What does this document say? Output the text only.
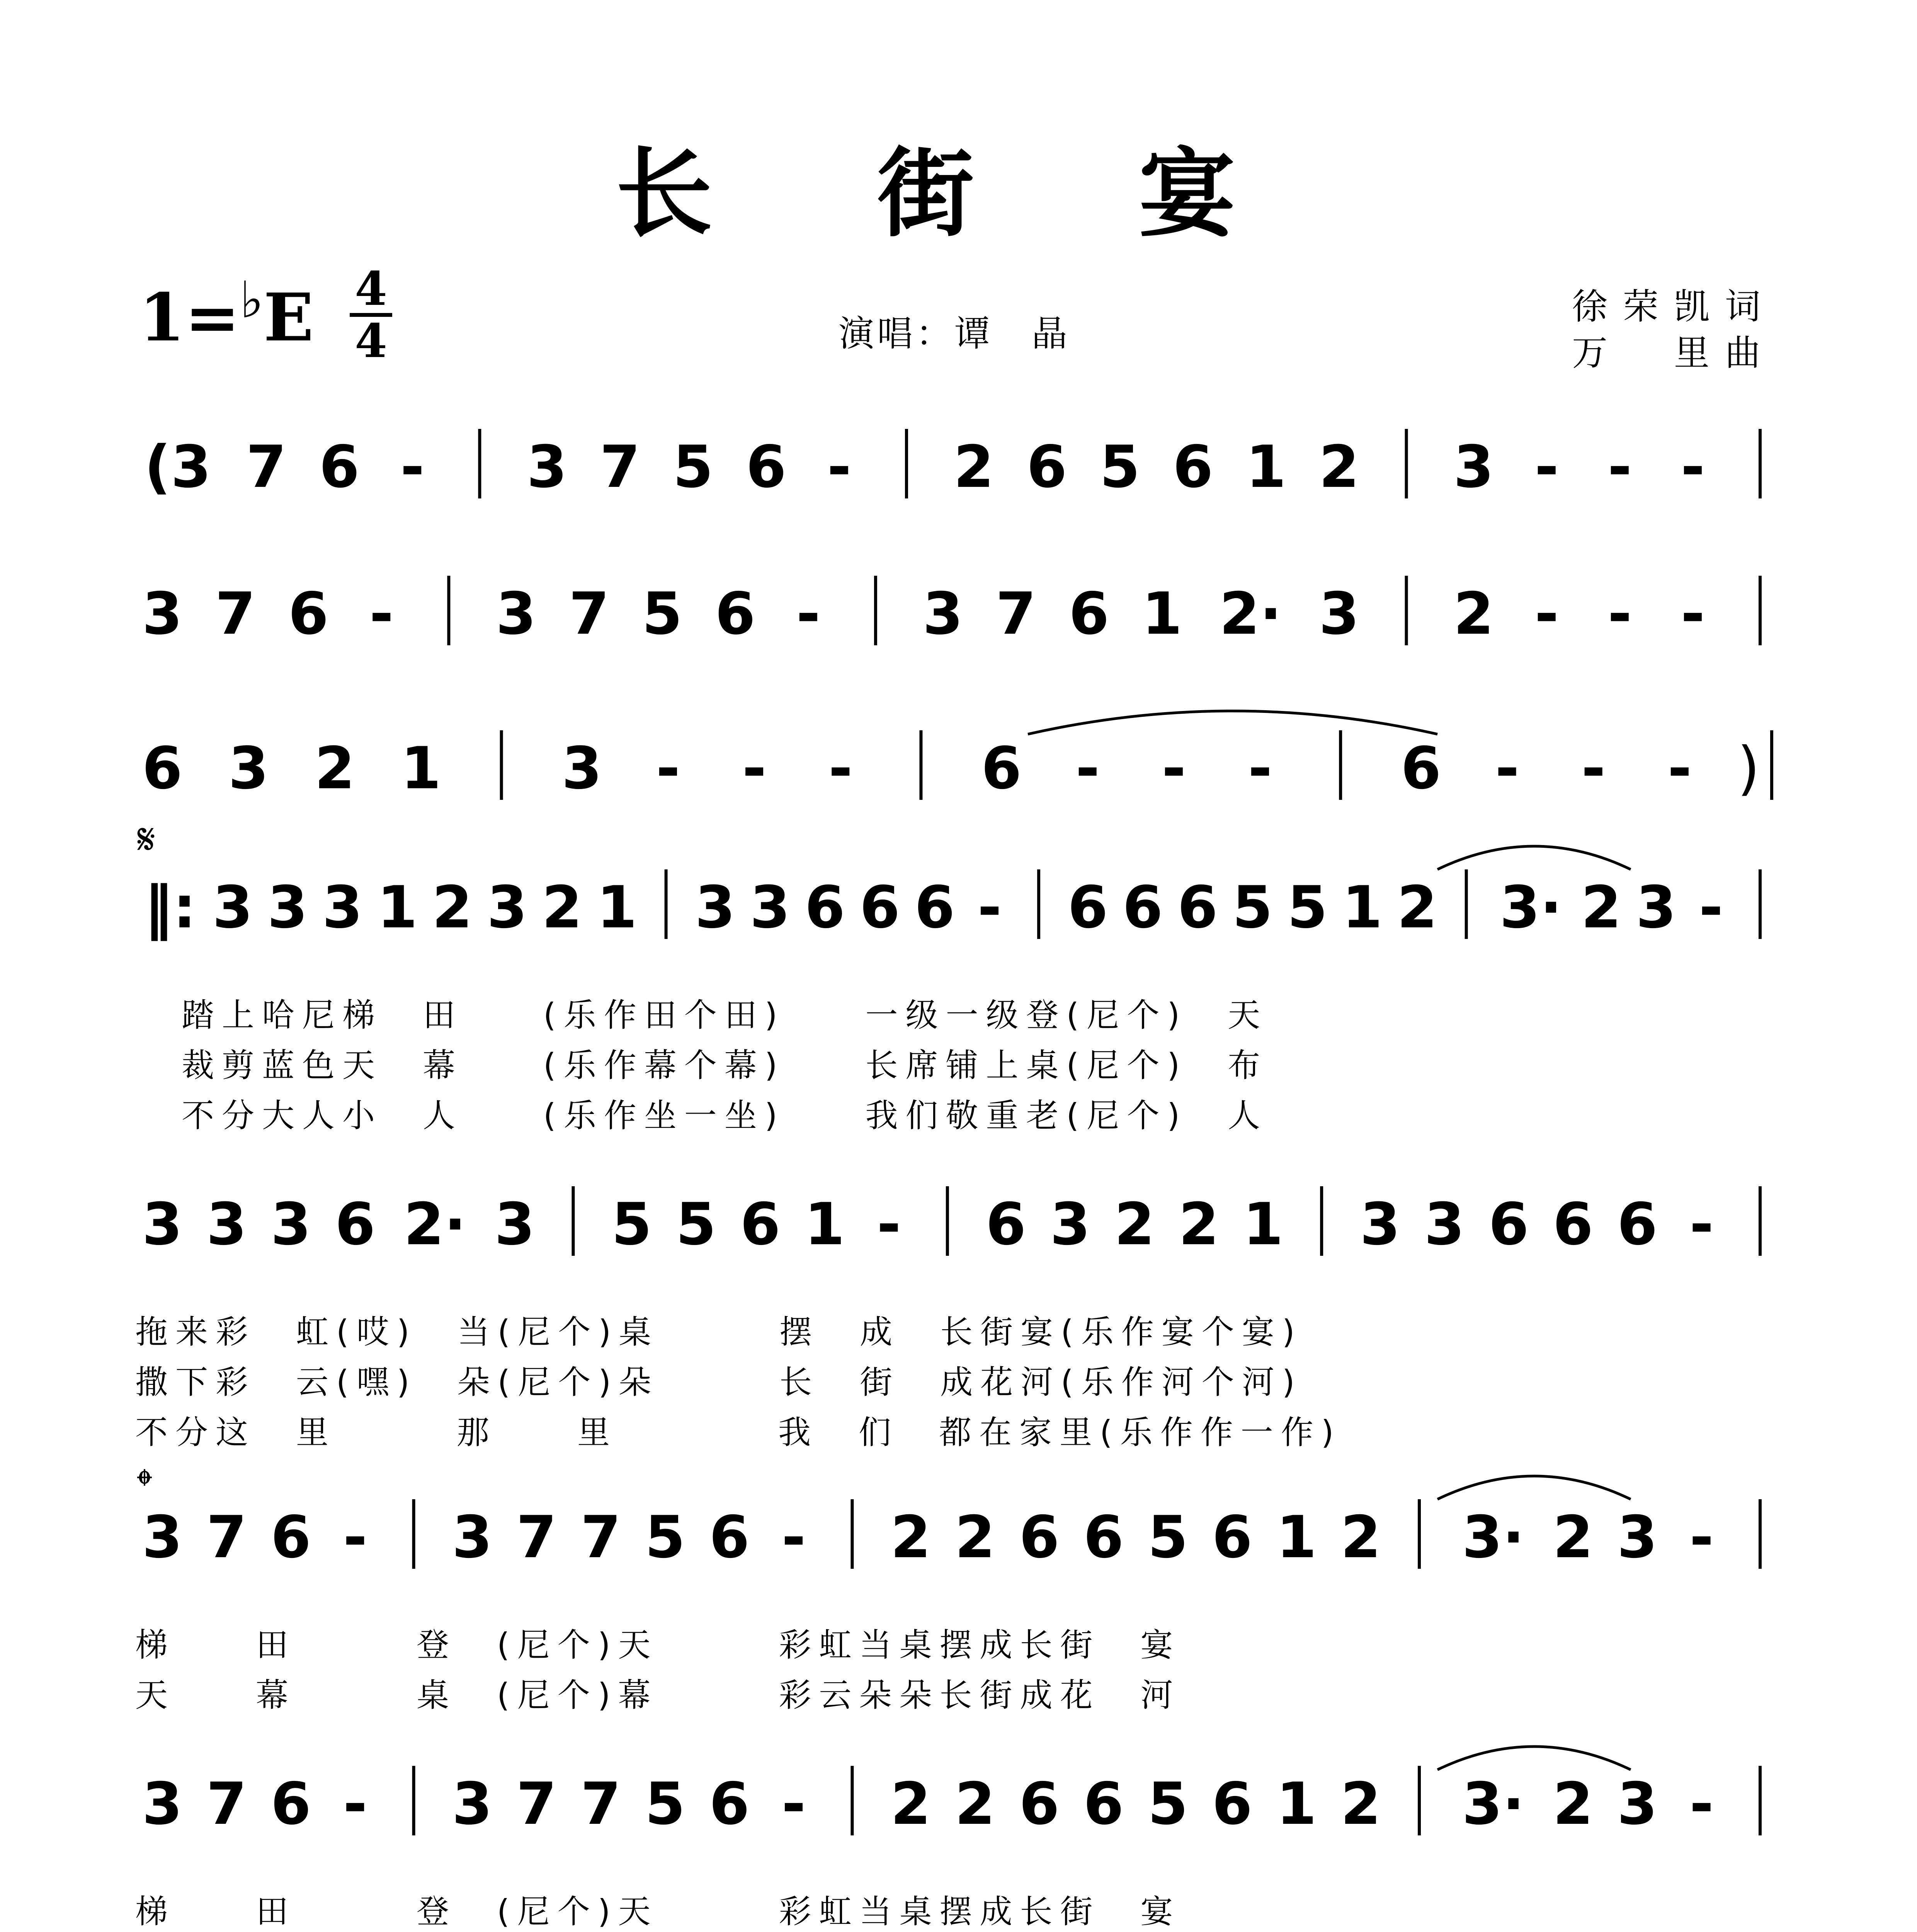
长 街 宴
1=♭E 4
4	演唱：谭　晶
徐荣凯词
万　里曲
(3 7 6 - 3 7 5 6 - 2 6 5 6 1 2 3 - - -
3 7 6 - 3 7 5 6 - 3 7 6 1 2· 3 2 - - -
6 3 2 1 3 - - - 6 - - - 6 - - - )
‖: 3 3 3 1 2 3 2 1 3 3 6 6 6 - 6 6 6 5 5 1 2 3· 2 3 -
3 3 3 6 2· 3 5 5 6 1 - 6 3 2 2 1 3 3 6 6 6 -
3 7 6 - 3 7 7 5 6 - 2 2 6 6 5 6 1 2 3· 2 3 -
3 7 6 - 3 7 7 5 6 - 2 2 6 6 5 6 1 2 3· 2 3 -
𝄋
𝄌
踏上哈尼梯　田　　(乐作田个田)　　一级一级登(尼个)　天
裁剪蓝色天　幕　　(乐作幕个幕)　　长席铺上桌(尼个)　布
不分大人小　人　　(乐作坐一坐)　　我们敬重老(尼个)　人
拖来彩　虹(哎)　当(尼个)桌　　　摆　成　长街宴(乐作宴个宴)
撒下彩　云(嘿)　朵(尼个)朵　　　长　街　成花河(乐作河个河)
不分这　里　　　那　　里　　　　我　们　都在家里(乐作作一作)
梯　　田　　　登　(尼个)天　　　彩虹当桌摆成长街　宴
天　　幕　　　桌　(尼个)幕　　　彩云朵朵长街成花　河
梯　　田　　　登　(尼个)天　　　彩虹当桌摆成长街　宴
